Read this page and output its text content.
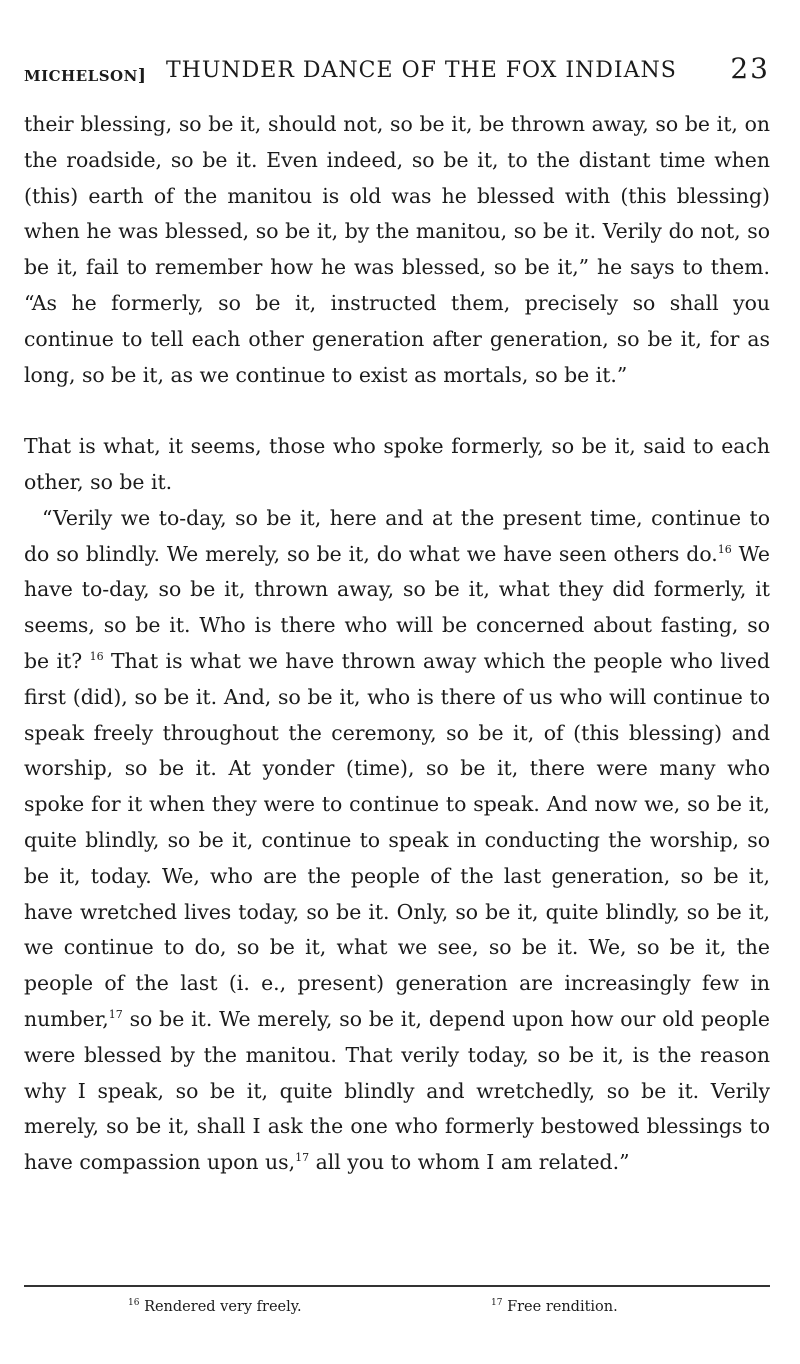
MICHELSON] THUNDER DANCE OF THE FOX INDIANS 23

their blessing, so be it, should not, so be it, be thrown away, so be it, on the roadside, so be it. Even indeed, so be it, to the distant time when (this) earth of the manitou is old was he blessed with (this blessing) when he was blessed, so be it, by the manitou, so be it. Verily do not, so be it, fail to remember how he was blessed, so be it,” he says to them. “As he formerly, so be it, instructed them, precisely so shall you continue to tell each other generation after generation, so be it, for as long, so be it, as we continue to exist as mortals, so be it.”

That is what, it seems, those who spoke formerly, so be it, said to each other, so be it.

“Verily we to-day, so be it, here and at the present time, continue to do so blindly. We merely, so be it, do what we have seen others do.$^{16}$ We have to-day, so be it, thrown away, so be it, what they did formerly, it seems, so be it. Who is there who will be concerned about fasting, so be it? $^{16}$ That is what we have thrown away which the people who lived first (did), so be it. And, so be it, who is there of us who will continue to speak freely throughout the ceremony, so be it, of (this blessing) and worship, so be it. At yonder (time), so be it, there were many who spoke for it when they were to continue to speak. And now we, so be it, quite blindly, so be it, continue to speak in conducting the worship, so be it, today. We, who are the people of the last generation, so be it, have wretched lives today, so be it. Only, so be it, quite blindly, so be it, we continue to do, so be it, what we see, so be it. We, so be it, the people of the last (i. e., present) generation are increasingly few in number,$^{17}$ so be it. We merely, so be it, depend upon how our old people were blessed by the manitou. That verily today, so be it, is the reason why I speak, so be it, quite blindly and wretchedly, so be it. Verily merely, so be it, shall I ask the one who formerly bestowed blessings to have compassion upon us,$^{17}$ all you to whom I am related.”

$^{16}$ Rendered very freely.	$^{17}$ Free rendition.
